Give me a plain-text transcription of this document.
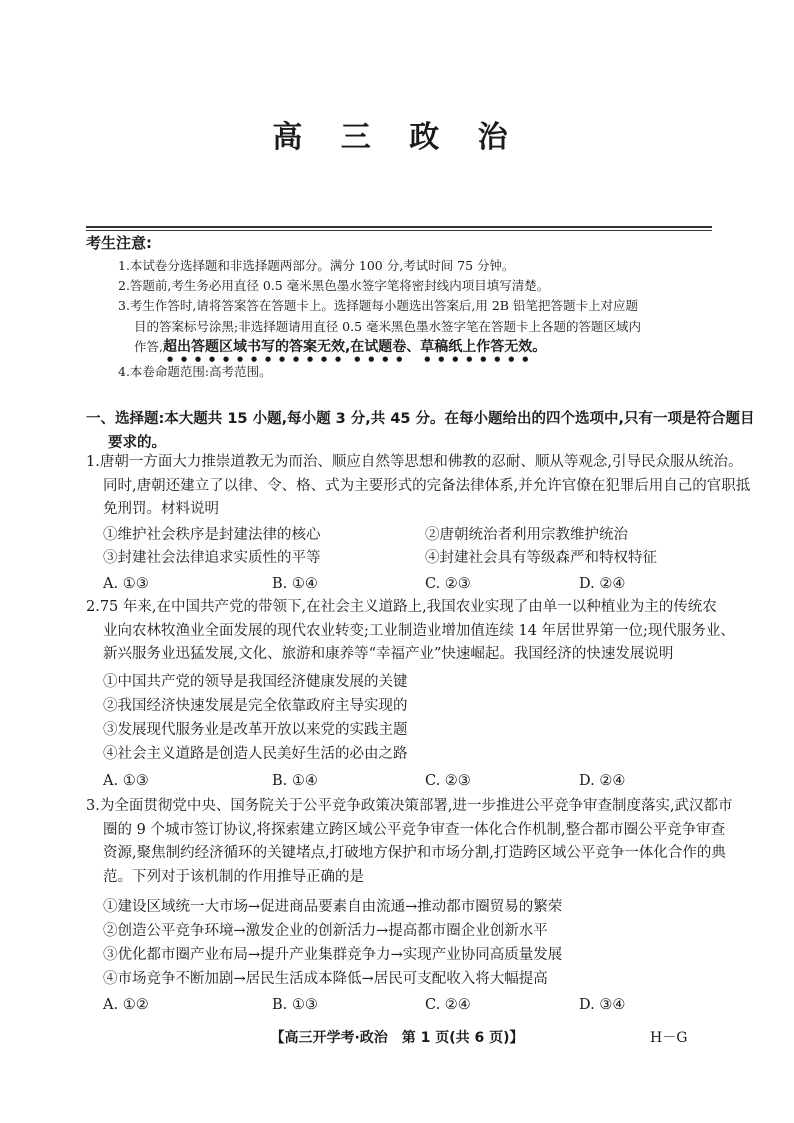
高 三 政 治
考生注意:
1.本试卷分选择题和非选择题两部分。满分 100 分,考试时间 75 分钟。
2.答题前,考生务必用直径 0.5 毫米黑色墨水签字笔将密封线内项目填写清楚。
3.考生作答时,请将答案答在答题卡上。选择题每小题选出答案后,用 2B 铅笔把答题卡上对应题
目的答案标号涂黑;非选择题请用直径 0.5 毫米黑色墨水签字笔在答题卡上各题的答题区域内
作答,超出答题区域书写的答案无效,在试题卷、草稿纸上作答无效。
4.本卷命题范围:高考范围。
一、选择题:本大题共 15 小题,每小题 3 分,共 45 分。在每小题给出的四个选项中,只有一项是符合题目
要求的。
1.唐朝一方面大力推崇道教无为而治、顺应自然等思想和佛教的忍耐、顺从等观念,引导民众服从统治。
同时,唐朝还建立了以律、令、格、式为主要形式的完备法律体系,并允许官僚在犯罪后用自己的官职抵
免刑罚。材料说明
①维护社会秩序是封建法律的核心	②唐朝统治者利用宗教维护统治
③封建社会法律追求实质性的平等	④封建社会具有等级森严和特权特征
A. ①③	B. ①④	C. ②③	D. ②④
2.75 年来,在中国共产党的带领下,在社会主义道路上,我国农业实现了由单一以种植业为主的传统农
业向农林牧渔业全面发展的现代农业转变;工业制造业增加值连续 14 年居世界第一位;现代服务业、
新兴服务业迅猛发展,文化、旅游和康养等“幸福产业”快速崛起。我国经济的快速发展说明
①中国共产党的领导是我国经济健康发展的关键
②我国经济快速发展是完全依靠政府主导实现的
③发展现代服务业是改革开放以来党的实践主题
④社会主义道路是创造人民美好生活的必由之路
A. ①③	B. ①④	C. ②③	D. ②④
3.为全面贯彻党中央、国务院关于公平竞争政策决策部署,进一步推进公平竞争审查制度落实,武汉都市
圈的 9 个城市签订协议,将探索建立跨区域公平竞争审查一体化合作机制,整合都市圈公平竞争审查
资源,聚焦制约经济循环的关键堵点,打破地方保护和市场分割,打造跨区域公平竞争一体化合作的典
范。下列对于该机制的作用推导正确的是
①建设区域统一大市场→促进商品要素自由流通→推动都市圈贸易的繁荣
②创造公平竞争环境→激发企业的创新活力→提高都市圈企业创新水平
③优化都市圈产业布局→提升产业集群竞争力→实现产业协同高质量发展
④市场竞争不断加剧→居民生活成本降低→居民可支配收入将大幅提高
A. ①②	B. ①③	C. ②④	D. ③④
【高三开学考·政治　第 1 页(共 6 页)】	H－G
